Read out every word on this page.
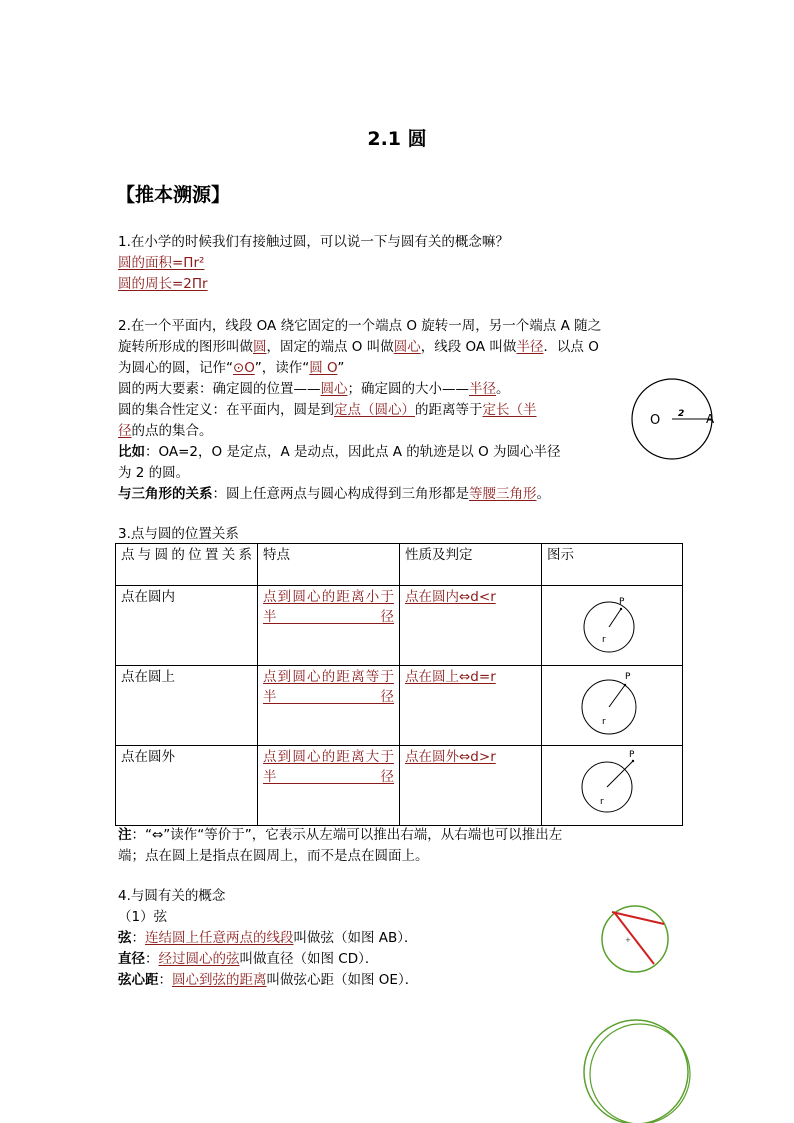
2.1 圆
【推本溯源】
1.在小学的时候我们有接触过圆，可以说一下与圆有关的概念嘛？
圆的面积=Πr²
圆的周长=2Πr
2.在一个平面内，线段 OA 绕它固定的一个端点 O 旋转一周，另一个端点 A 随之
旋转所形成的图形叫做圆，固定的端点 O 叫做圆心，线段 OA 叫做半径．以点 O
为圆心的圆，记作“⊙O”，读作“圆 O”
圆的两大要素：确定圆的位置——圆心；确定圆的大小——半径。
圆的集合性定义：在平面内，圆是到定点（圆心）的距离等于定长（半
径的点的集合。
比如：OA=2，O 是定点，A 是动点，因此点 A 的轨迹是以 O 为圆心半径
为 2 的圆。
与三角形的关系：圆上任意两点与圆心构成得到三角形都是等腰三角形。
O	A
2
3.点与圆的位置关系
点与圆的位置关系	特点	性质及判定	图示

点在圆内	点到圆心的距离小于半径	点在圆内⇔d<r	P
r

点在圆上	点到圆心的距离等于半径	点在圆上⇔d=r	P
r

点在圆外	点到圆心的距离大于半径	点在圆外⇔d>r	P
r
注：“⇔”读作“等价于”，它表示从左端可以推出右端，从右端也可以推出左
端；点在圆上是指点在圆周上，而不是点在圆面上。
4.与圆有关的概念
（1）弦
弦：连结圆上任意两点的线段叫做弦（如图 AB）．
直径：经过圆心的弦叫做直径（如图 CD）．
弦心距：圆心到弦的距离叫做弦心距（如图 OE）．
+
